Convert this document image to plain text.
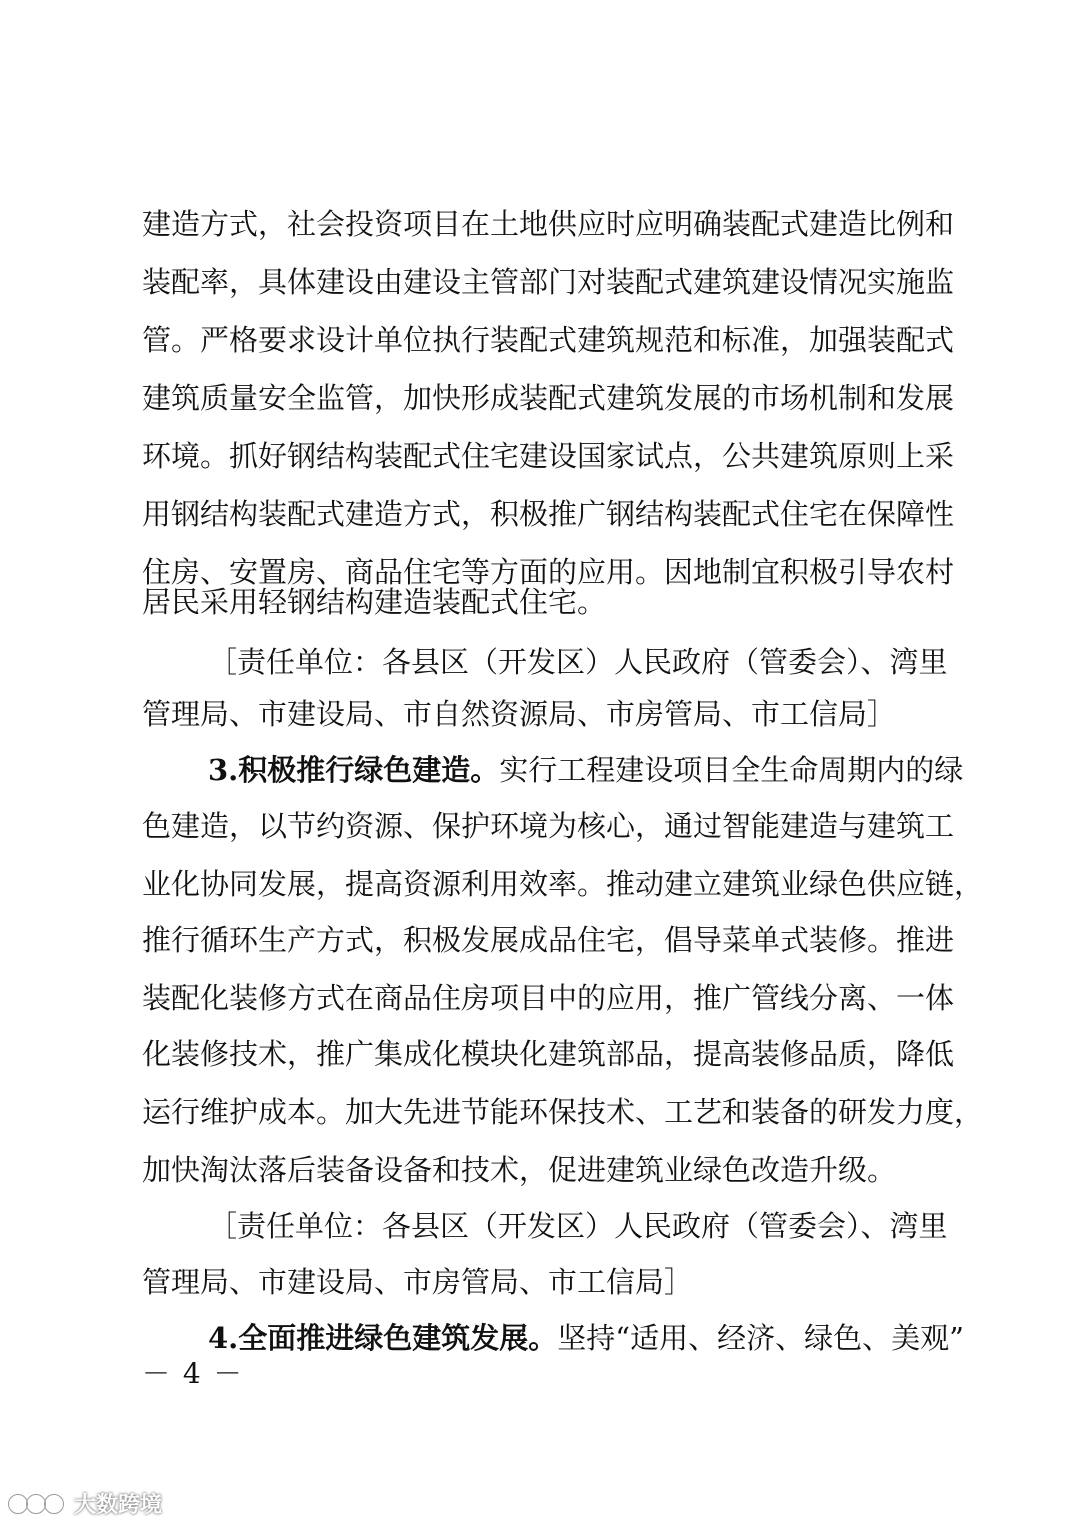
建造方式，社会投资项目在土地供应时应明确装配式建造比例和
装配率，具体建设由建设主管部门对装配式建筑建设情况实施监
管。严格要求设计单位执行装配式建筑规范和标准，加强装配式
建筑质量安全监管，加快形成装配式建筑发展的市场机制和发展
环境。抓好钢结构装配式住宅建设国家试点，公共建筑原则上采
用钢结构装配式建造方式，积极推广钢结构装配式住宅在保障性
住房、安置房、商品住宅等方面的应用。因地制宜积极引导农村
居民采用轻钢结构建造装配式住宅。
［责任单位：各县区（开发区）人民政府（管委会）、湾里
管理局、市建设局、市自然资源局、市房管局、市工信局］
3.积极推行绿色建造。实行工程建设项目全生命周期内的绿
色建造，以节约资源、保护环境为核心，通过智能建造与建筑工
业化协同发展，提高资源利用效率。推动建立建筑业绿色供应链，
推行循环生产方式，积极发展成品住宅，倡导菜单式装修。推进
装配化装修方式在商品住房项目中的应用，推广管线分离、一体
化装修技术，推广集成化模块化建筑部品，提高装修品质，降低
运行维护成本。加大先进节能环保技术、工艺和装备的研发力度，
加快淘汰落后装备设备和技术，促进建筑业绿色改造升级。
［责任单位：各县区（开发区）人民政府（管委会）、湾里
管理局、市建设局、市房管局、市工信局］
4.全面推进绿色建筑发展。坚持“适用、经济、绿色、美观”
－ 4 －
大数跨境
